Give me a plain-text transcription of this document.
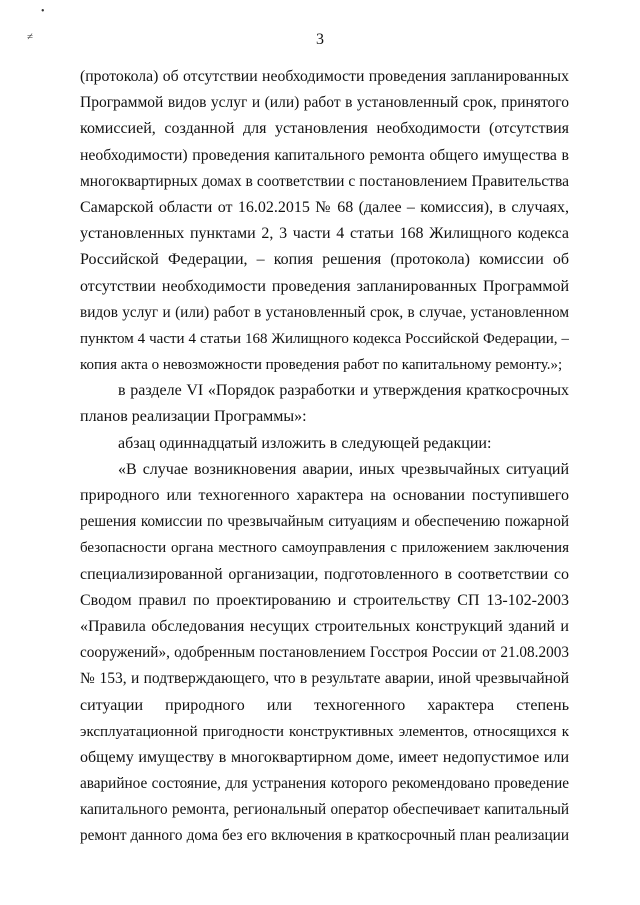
•
≠	3
(протокола) об отсутствии необходимости проведения запланированных
Программой видов услуг и (или) работ в установленный срок, принятого
комиссией, созданной для установления необходимости (отсутствия
необходимости) проведения капитального ремонта общего имущества в
многоквартирных домах в соответствии с постановлением Правительства
Самарской области от 16.02.2015 № 68 (далее – комиссия), в случаях,
установленных пунктами 2, 3 части 4 статьи 168 Жилищного кодекса
Российской Федерации, – копия решения (протокола) комиссии об
отсутствии необходимости проведения запланированных Программой
видов услуг и (или) работ в установленный срок, в случае, установленном
пунктом 4 части 4 статьи 168 Жилищного кодекса Российской Федерации, –
копия акта о невозможности проведения работ по капитальному ремонту.»;
в разделе VI «Порядок разработки и утверждения краткосрочных
планов реализации Программы»:
абзац одиннадцатый изложить в следующей редакции:
«В случае возникновения аварии, иных чрезвычайных ситуаций
природного или техногенного характера на основании поступившего
решения комиссии по чрезвычайным ситуациям и обеспечению пожарной
безопасности органа местного самоуправления с приложением заключения
специализированной организации, подготовленного в соответствии со
Сводом правил по проектированию и строительству СП 13-102-2003
«Правила обследования несущих строительных конструкций зданий и
сооружений», одобренным постановлением Госстроя России от 21.08.2003
№ 153, и подтверждающего, что в результате аварии, иной чрезвычайной
ситуации природного или техногенного характера степень
эксплуатационной пригодности конструктивных элементов, относящихся к
общему имуществу в многоквартирном доме, имеет недопустимое или
аварийное состояние, для устранения которого рекомендовано проведение
капитального ремонта, региональный оператор обеспечивает капитальный
ремонт данного дома без его включения в краткосрочный план реализации
